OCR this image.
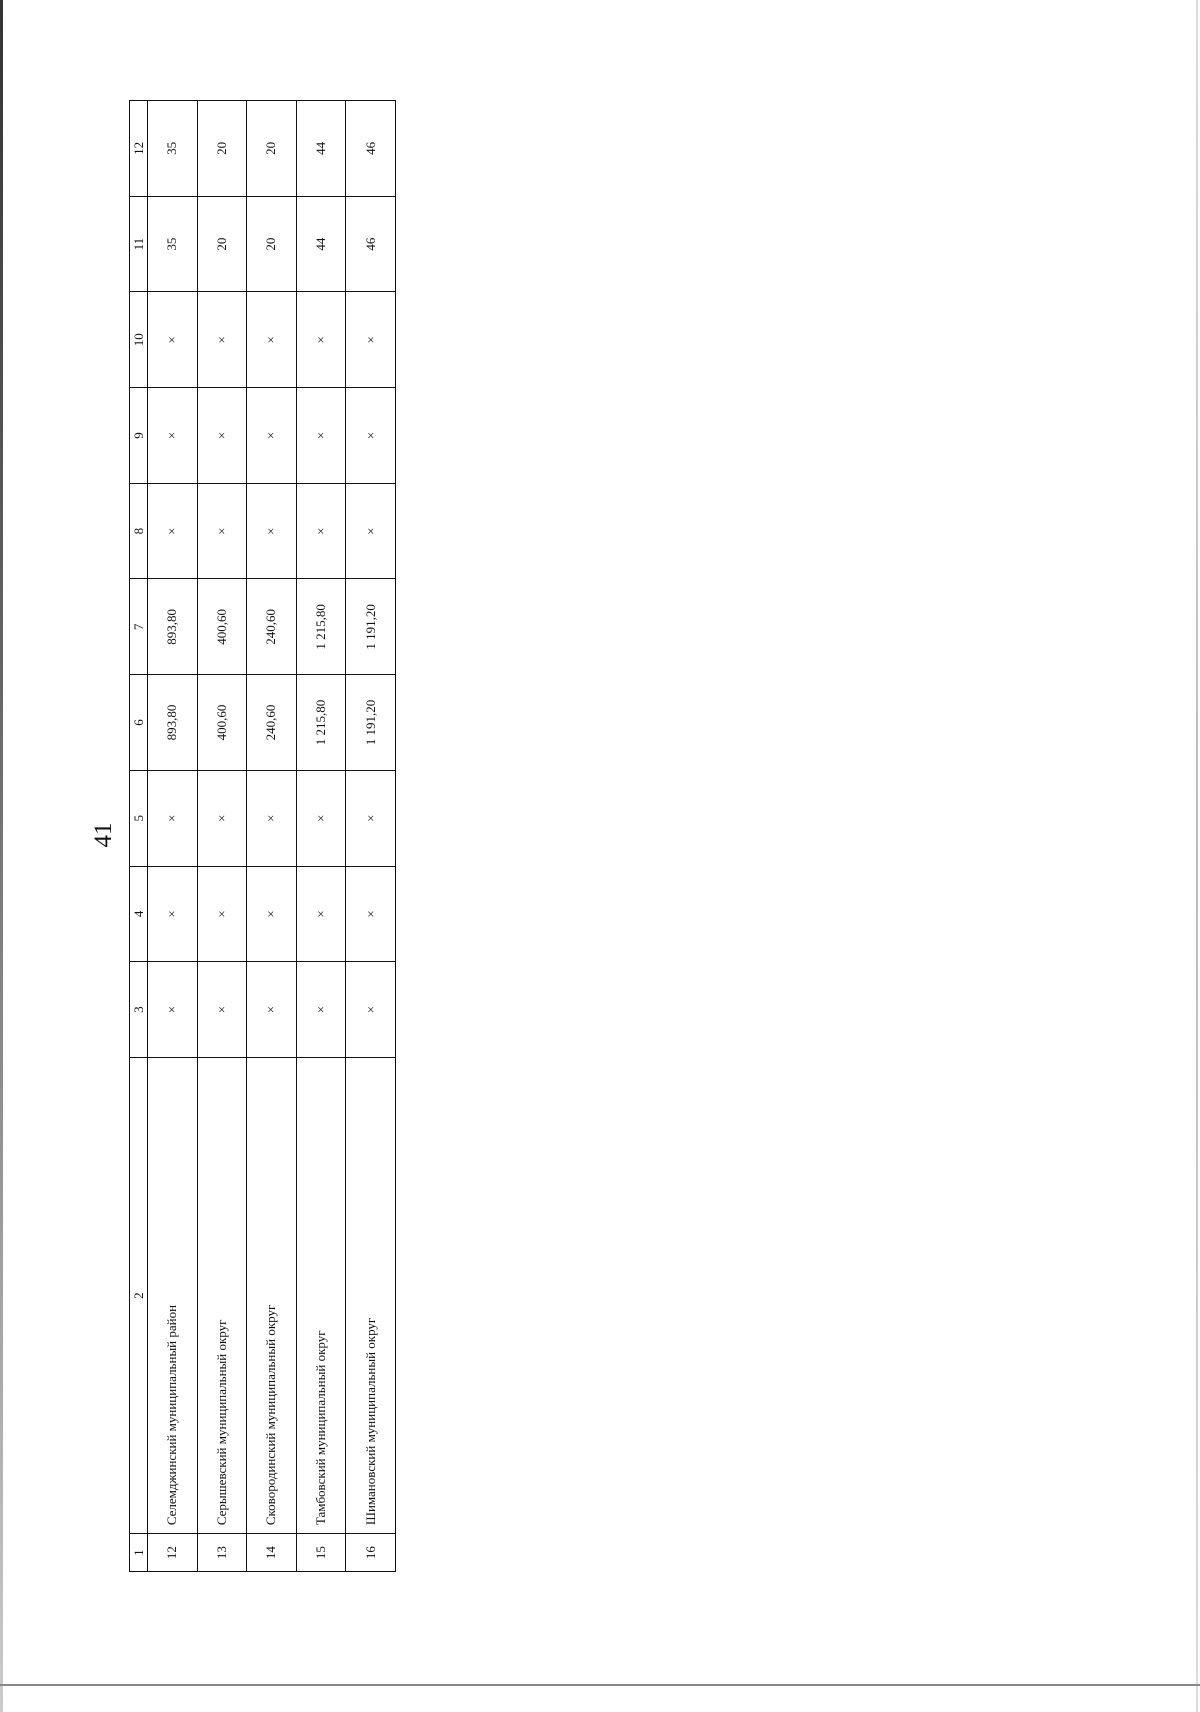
41
1	2	3	4	5	6	7	8	9	10	11	12
12	Селемджинский муниципальный район	×	×	×	893,80	893,80	×	×	×	35	35
13	Серышевский муниципальный округ	×	×	×	400,60	400,60	×	×	×	20	20
14	Сковородинский муниципальный округ	×	×	×	240,60	240,60	×	×	×	20	20
15	Тамбовский муниципальный округ	×	×	×	1 215,80	1 215,80	×	×	×	44	44
16	Шимановский муниципальный округ	×	×	×	1 191,20	1 191,20	×	×	×	46	46
